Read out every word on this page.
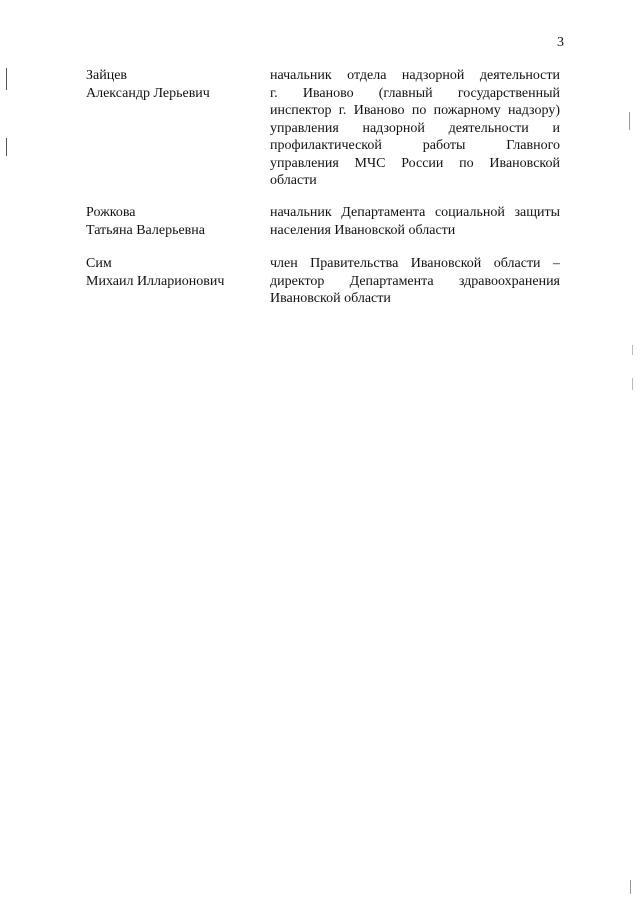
3
Зайцев
Александр Лерьевич
начальник отдела надзорной деятельности
г. Иваново (главный государственный
инспектор г. Иваново по пожарному надзору)
управления надзорной деятельности и
профилактической работы Главного
управления МЧС России по Ивановской
области
Рожкова
Татьяна Валерьевна
начальник Департамента социальной защиты
населения Ивановской области
Сим
Михаил Илларионович
член Правительства Ивановской области –
директор Департамента здравоохранения
Ивановской области
